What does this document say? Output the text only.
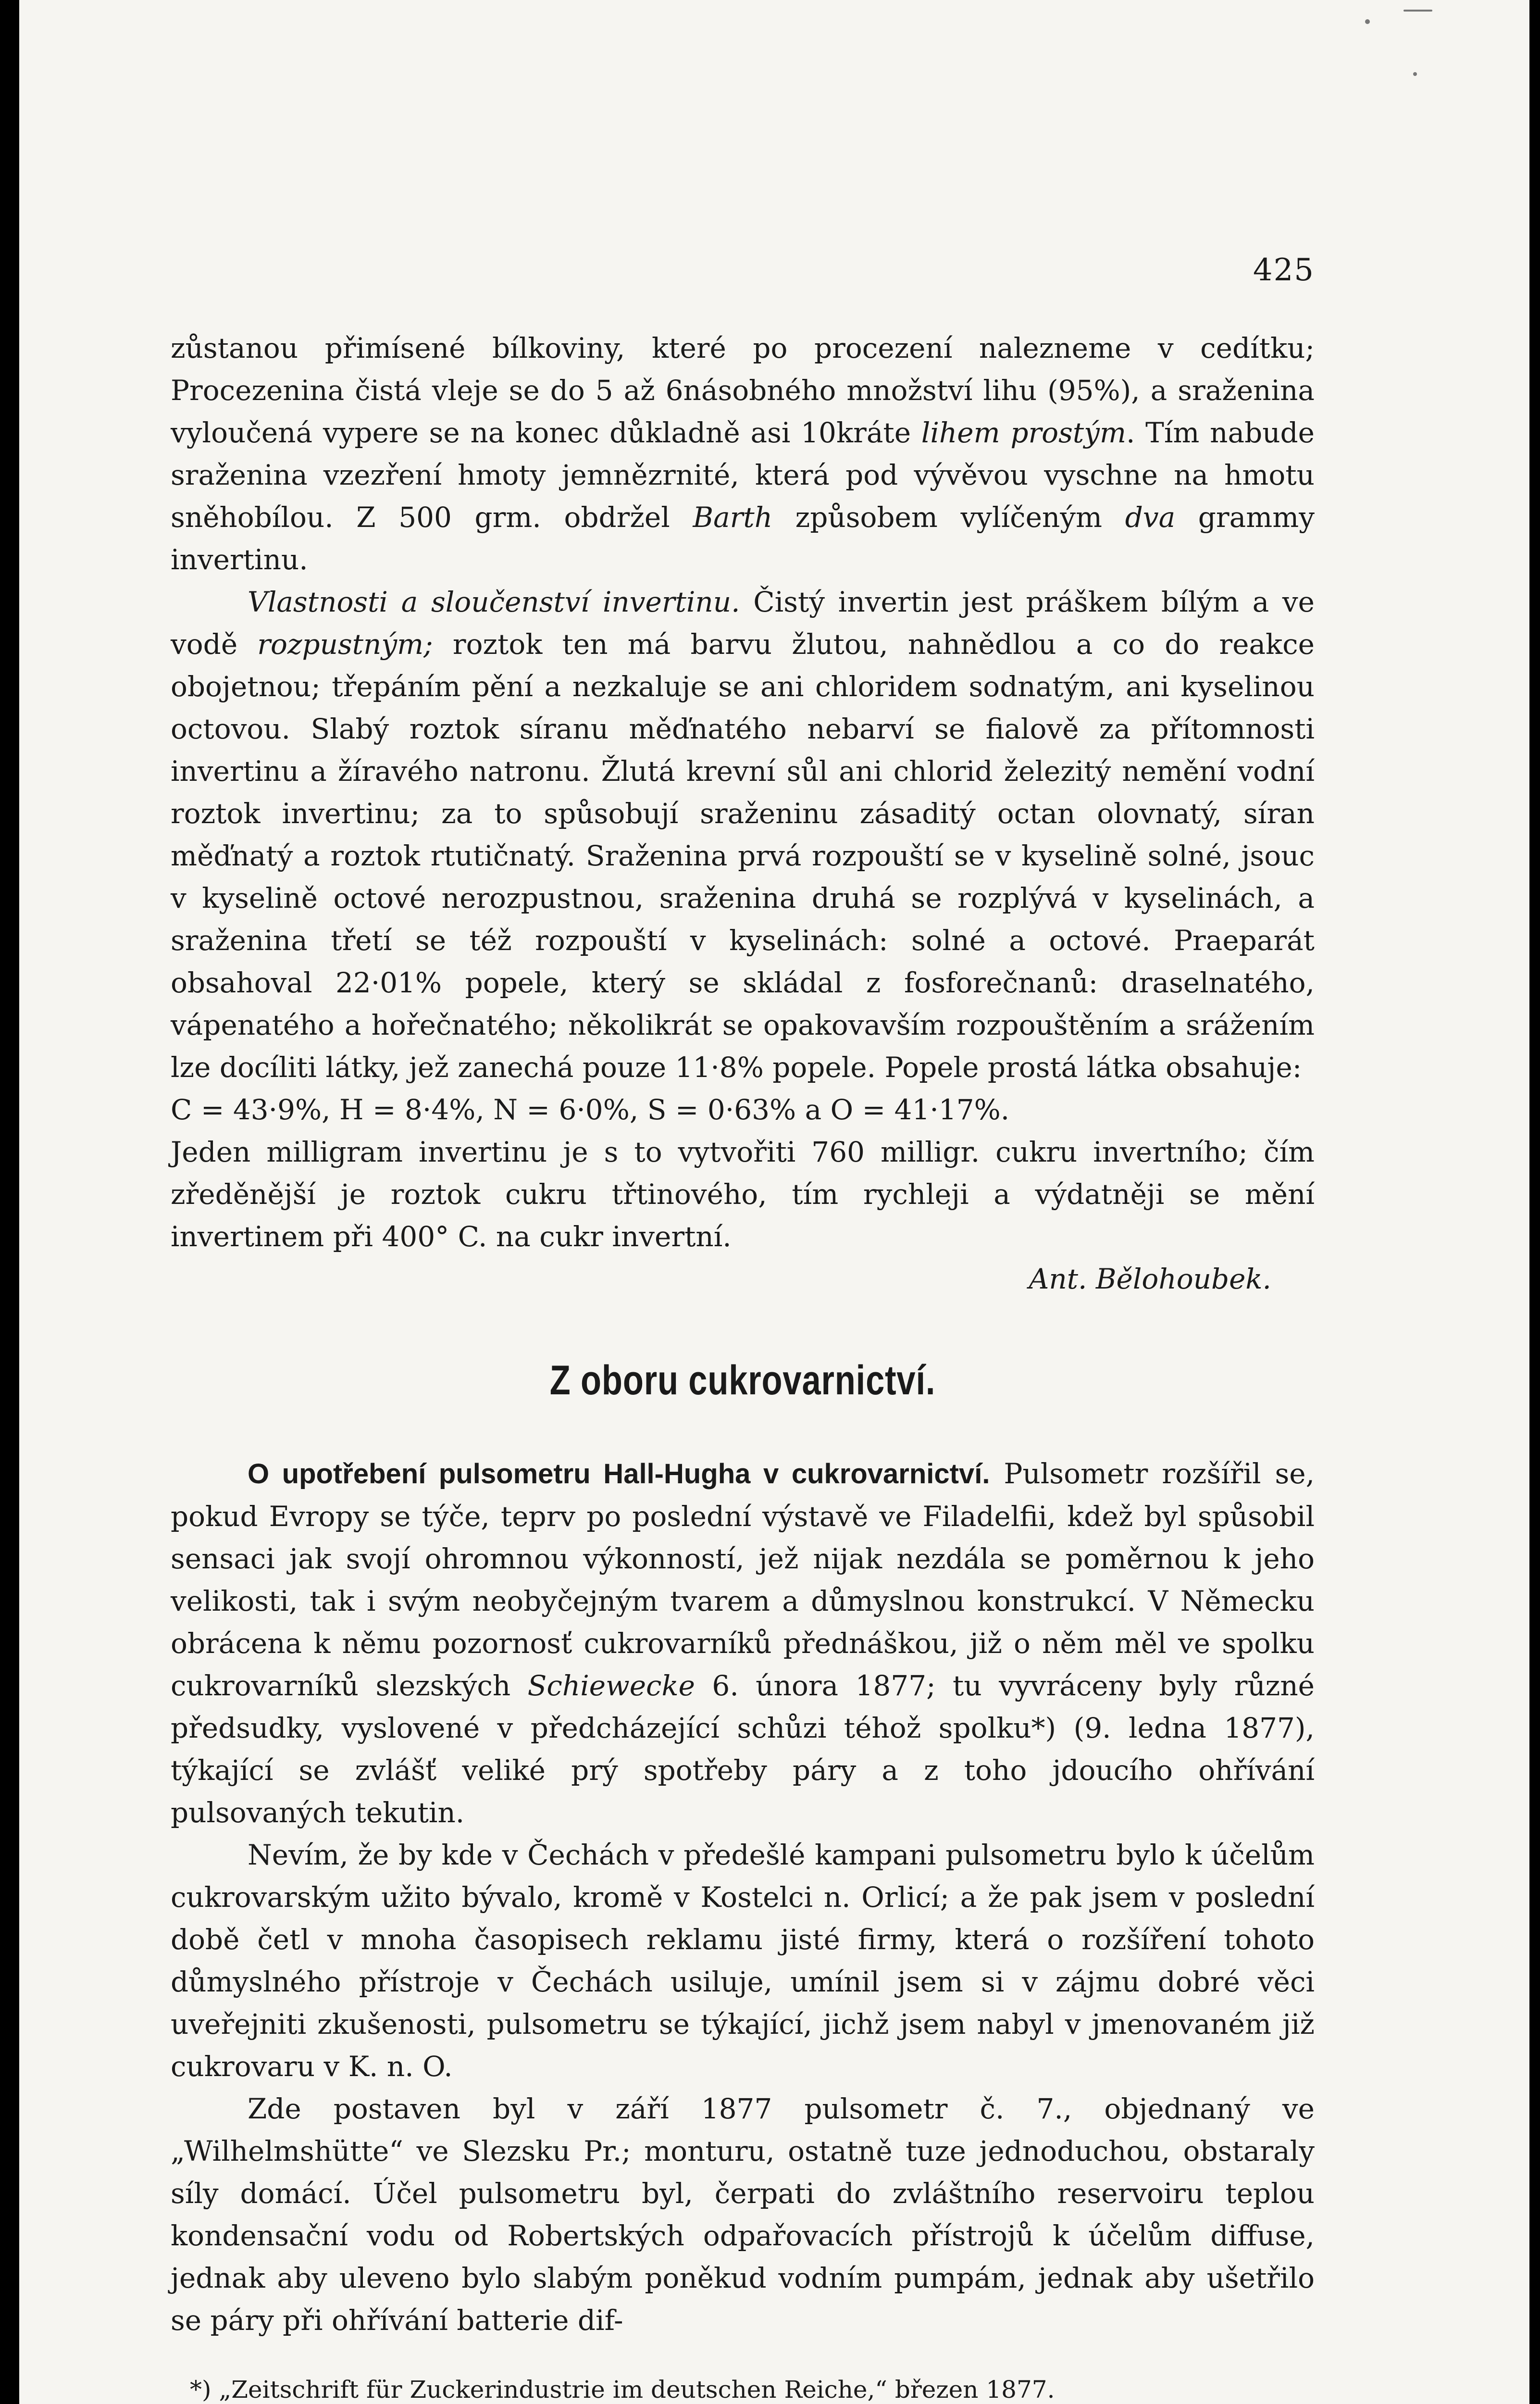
425

zůstanou přimísené bílkoviny, které po procezení nalezneme v cedítku; Procezenina čistá vleje se do 5 až 6násobného množství lihu (95%), a sraženina vyloučená vypere se na konec důkladně asi 10kráte lihem prostým. Tím nabude sraženina vzezření hmoty jemnězrnité, která pod vývěvou vyschne na hmotu sněhobílou. Z 500 grm. obdržel Barth způsobem vylíčeným dva grammy invertinu.

Vlastnosti a sloučenství invertinu. Čistý invertin jest práškem bílým a ve vodě rozpustným; roztok ten má barvu žlutou, nahnědlou a co do reakce obojetnou; třepáním pění a nezkaluje se ani chloridem sodnatým, ani kyselinou octovou. Slabý roztok síranu měďnatého nebarví se fialově za přítomnosti invertinu a žíravého natronu. Žlutá krevní sůl ani chlorid železitý nemění vodní roztok invertinu; za to spůsobují sraženinu zásaditý octan olovnatý, síran měďnatý a roztok rtutičnatý. Sraženina prvá rozpouští se v kyselině solné, jsouc v kyselině octové nerozpustnou, sraženina druhá se rozplývá v kyselinách, a sraženina třetí se též rozpouští v kyselinách: solné a octové. Praeparát obsahoval 22·01% popele, který se skládal z fosforečnanů: draselnatého, vápenatého a hořečnatého; několikrát se opakovavším rozpouštěním a srážením lze docíliti látky, jež zanechá pouze 11·8% popele. Popele prostá látka obsahuje:

C = 43·9%, H = 8·4%, N = 6·0%, S = 0·63% a O = 41·17%.

Jeden milligram invertinu je s to vytvořiti 760 milligr. cukru invertního; čím zředěnější je roztok cukru třtinového, tím rychleji a výdatněji se mění invertinem při 400° C. na cukr invertní.

Ant. Bělohoubek.
Z oboru cukrovarnictví.

O upotřebení pulsometru Hall-Hugha v cukrovarnictví. Pulsometr rozšířil se, pokud Evropy se týče, teprv po poslední výstavě ve Filadelfii, kdež byl spůsobil sensaci jak svojí ohromnou výkonností, jež nijak nezdála se poměrnou k jeho velikosti, tak i svým neobyčejným tvarem a důmyslnou konstrukcí. V Německu obrácena k němu pozornosť cukrovarníků přednáškou, již o něm měl ve spolku cukrovarníků slezských Schiewecke 6. února 1877; tu vyvráceny byly různé předsudky, vyslovené v předcházející schůzi téhož spolku*) (9. ledna 1877), týkající se zvlášť veliké prý spotřeby páry a z toho jdoucího ohřívání pulsovaných tekutin.

Nevím, že by kde v Čechách v předešlé kampani pulsometru bylo k účelům cukrovarským užito bývalo, kromě v Kostelci n. Orlicí; a že pak jsem v poslední době četl v mnoha časopisech reklamu jisté firmy, která o rozšíření tohoto důmyslného přístroje v Čechách usiluje, umínil jsem si v zájmu dobré věci uveřejniti zkušenosti, pulsometru se týkající, jichž jsem nabyl v jmenovaném již cukrovaru v K. n. O.

Zde postaven byl v září 1877 pulsometr č. 7., objednaný ve „Wilhelmshütte“ ve Slezsku Pr.; monturu, ostatně tuze jednoduchou, obstaraly síly domácí. Účel pulsometru byl, čerpati do zvláštního reservoiru teplou kondensační vodu od Robertských odpařovacích přístrojů k účelům diffuse, jednak aby uleveno bylo slabým poněkud vodním pumpám, jednak aby ušetřilo se páry při ohřívání batterie dif-

*) „Zeitschrift für Zuckerindustrie im deutschen Reiche,“ březen 1877.
